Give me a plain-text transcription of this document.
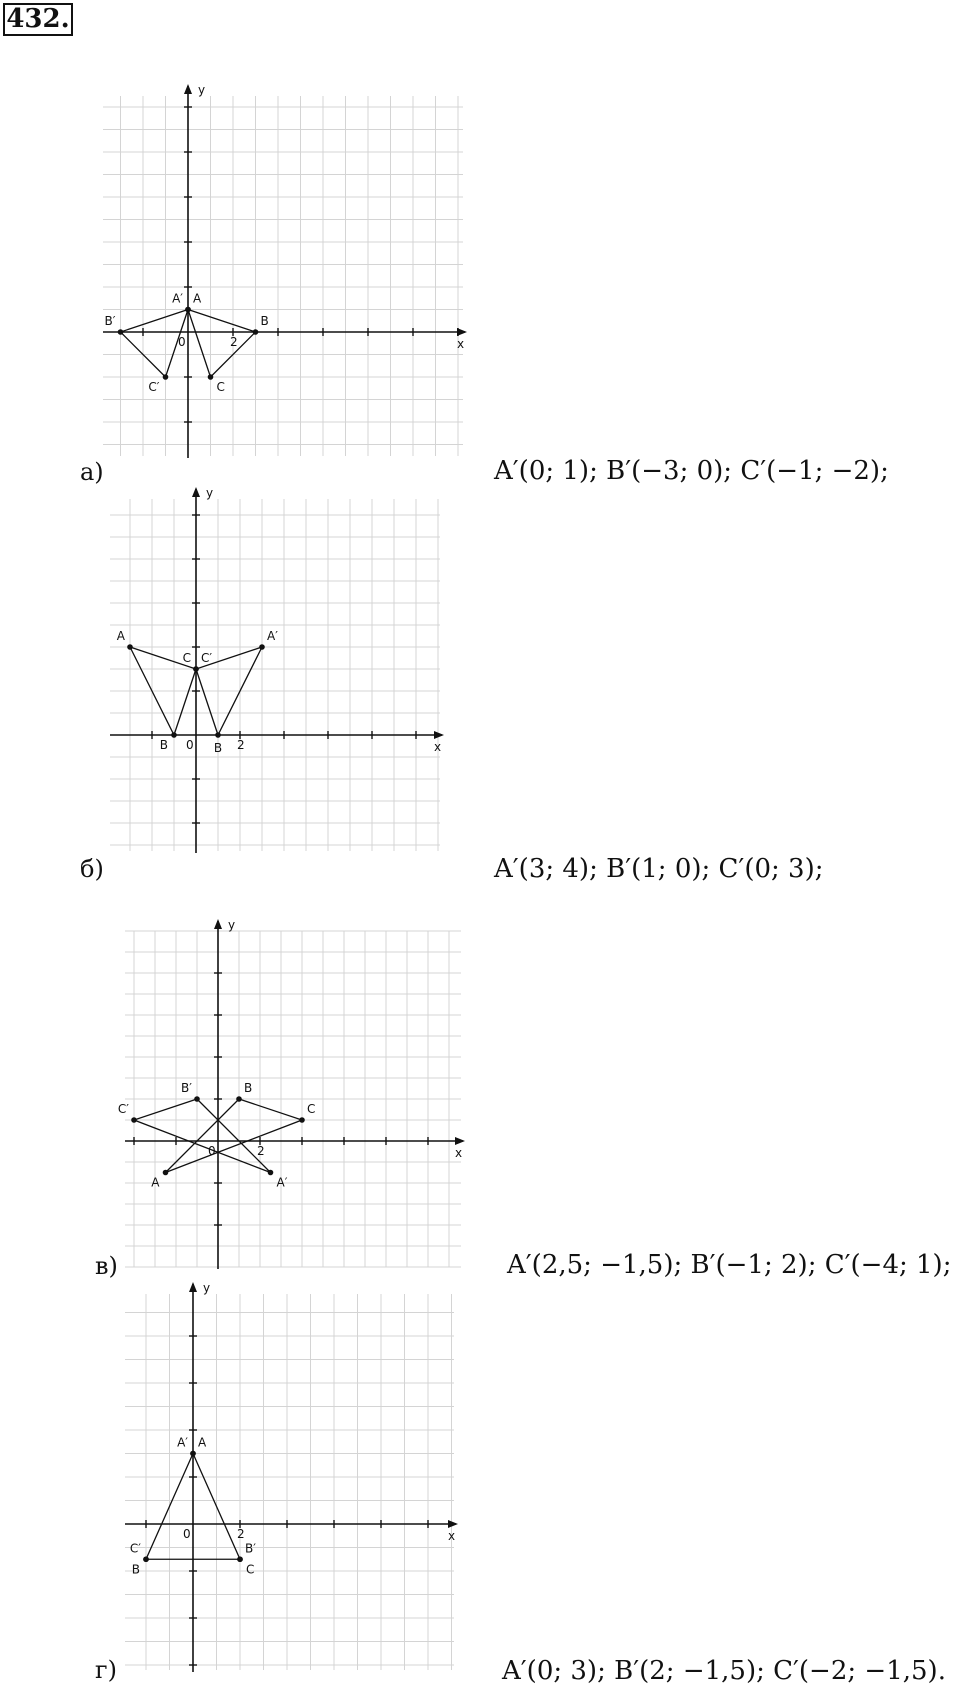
432.
x
y
0	2
A
A′
B
C
B′
C′
а)	A′(0; 1); B′(−3; 0); C′(−1; −2);
x
y
0	2
A
B
C C′
A′
B
б)	A′(3; 4); B′(1; 0); C′(0; 3);
x
y
0	2
A
B
C
A′
B′
C′
в)	A′(2,5; −1,5); B′(−1; 2); C′(−4; 1);
x
y
0	2
A
A′
B
C′
C
B′
г)	A′(0; 3); B′(2; −1,5); C′(−2; −1,5).
